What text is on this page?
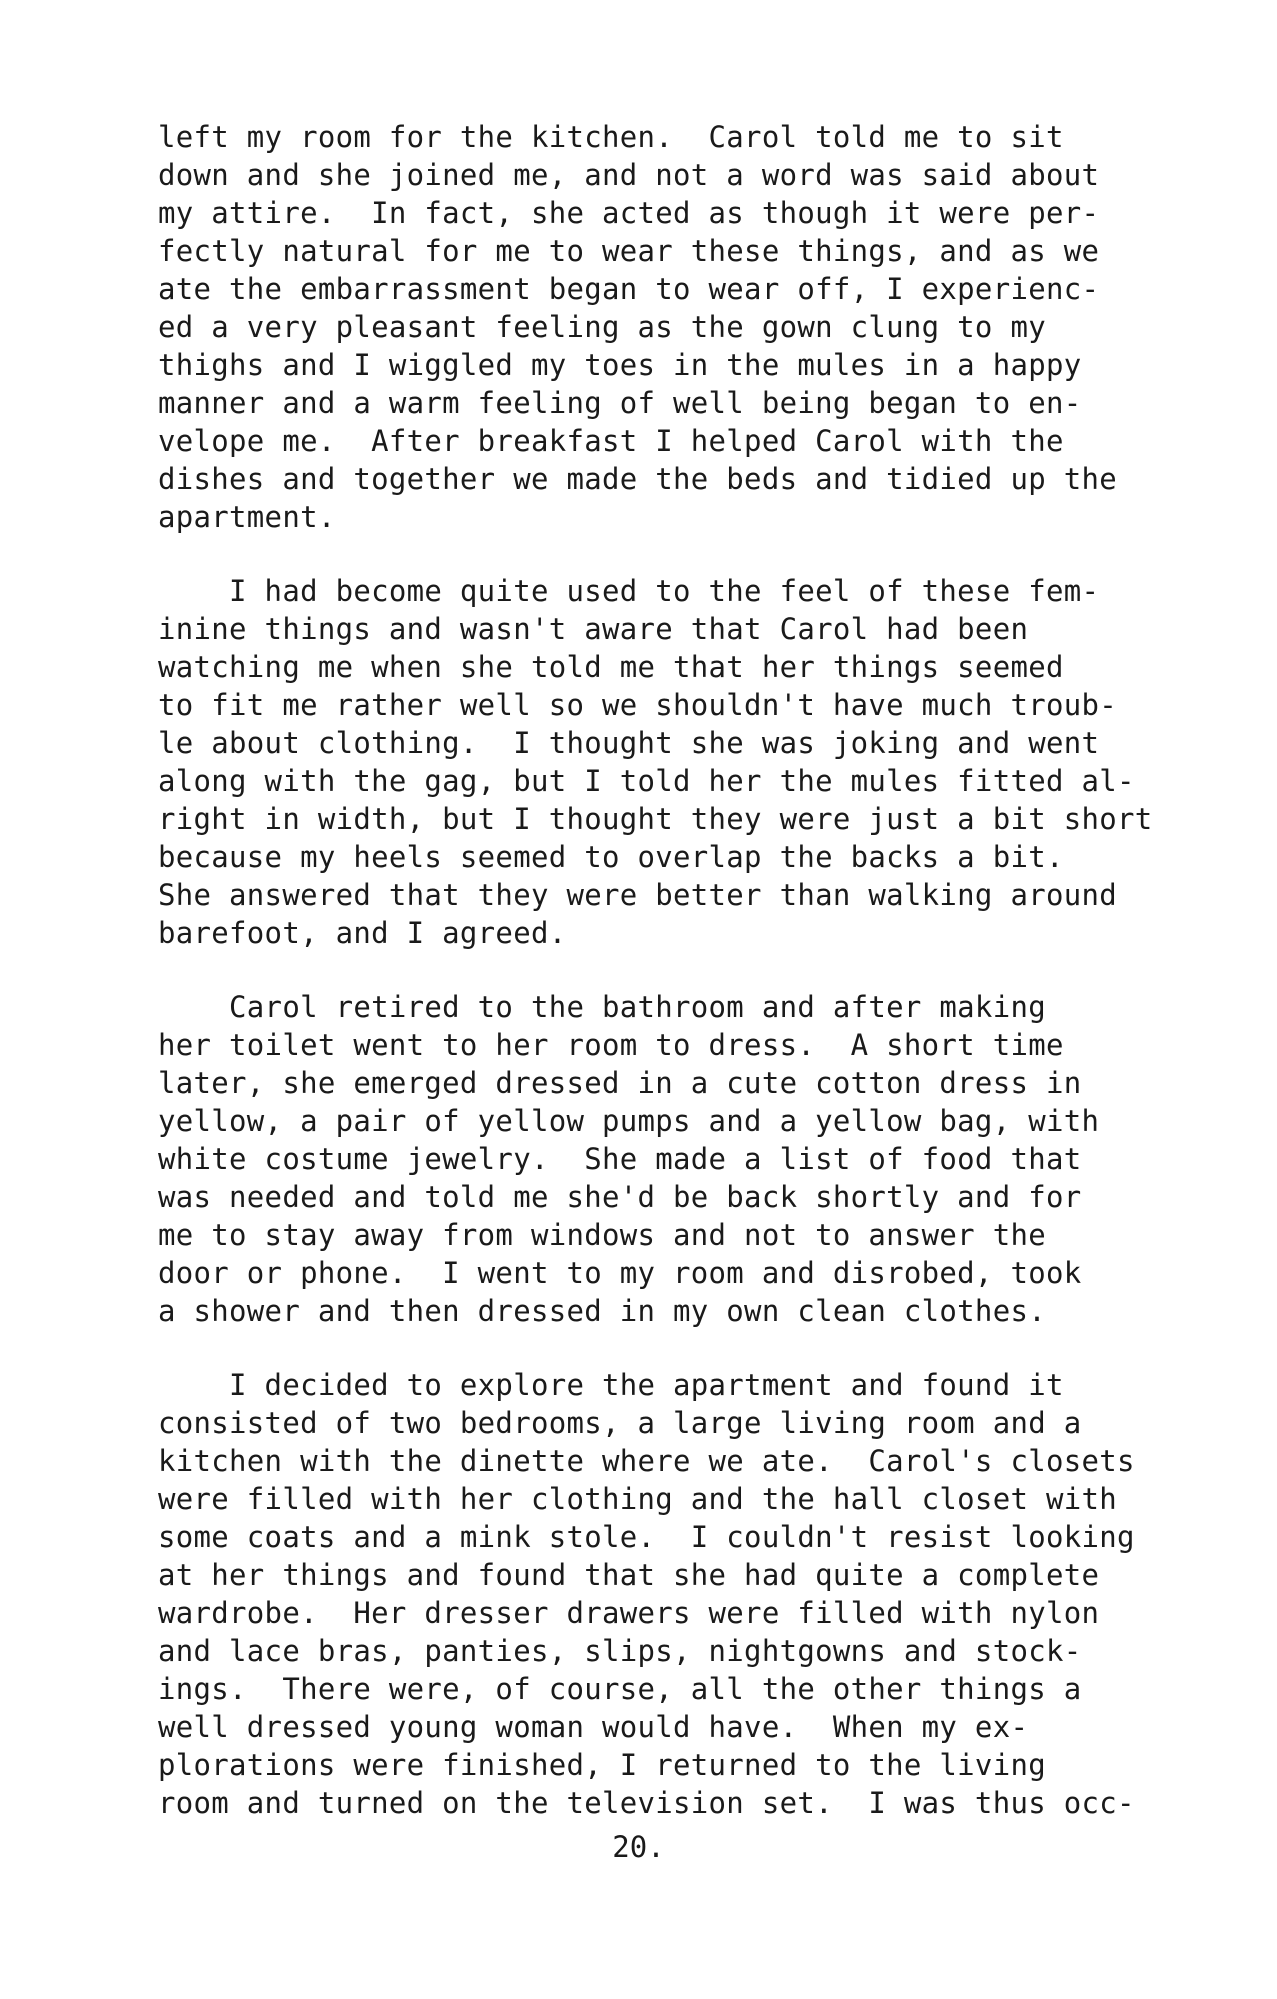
left my room for the kitchen.  Carol told me to sit
down and she joined me, and not a word was said about
my attire.  In fact, she acted as though it were per-
fectly natural for me to wear these things, and as we
ate the embarrassment began to wear off, I experienc-
ed a very pleasant feeling as the gown clung to my
thighs and I wiggled my toes in the mules in a happy
manner and a warm feeling of well being began to en-
velope me.  After breakfast I helped Carol with the
dishes and together we made the beds and tidied up the
apartment.
I had become quite used to the feel of these fem-
inine things and wasn't aware that Carol had been
watching me when she told me that her things seemed
to fit me rather well so we shouldn't have much troub-
le about clothing.  I thought she was joking and went
along with the gag, but I told her the mules fitted al-
right in width, but I thought they were just a bit short
because my heels seemed to overlap the backs a bit.
She answered that they were better than walking around
barefoot, and I agreed.
Carol retired to the bathroom and after making
her toilet went to her room to dress.  A short time
later, she emerged dressed in a cute cotton dress in
yellow, a pair of yellow pumps and a yellow bag, with
white costume jewelry.  She made a list of food that
was needed and told me she'd be back shortly and for
me to stay away from windows and not to answer the
door or phone.  I went to my room and disrobed, took
a shower and then dressed in my own clean clothes.
I decided to explore the apartment and found it
consisted of two bedrooms, a large living room and a
kitchen with the dinette where we ate.  Carol's closets
were filled with her clothing and the hall closet with
some coats and a mink stole.  I couldn't resist looking
at her things and found that she had quite a complete
wardrobe.  Her dresser drawers were filled with nylon
and lace bras, panties, slips, nightgowns and stock-
ings.  There were, of course, all the other things a
well dressed young woman would have.  When my ex-
plorations were finished, I returned to the living
room and turned on the television set.  I was thus occ-
20.
